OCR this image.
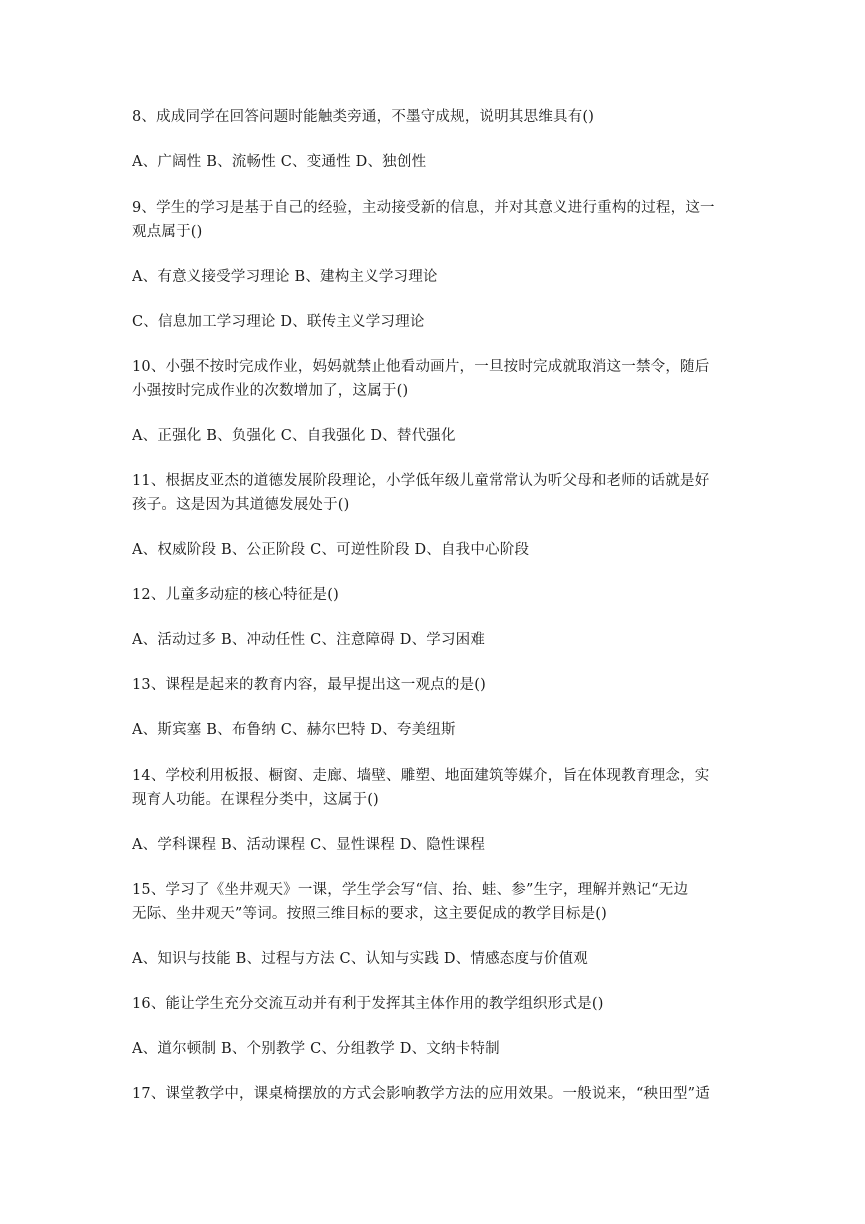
8、成成同学在回答问题时能触类旁通，不墨守成规，说明其思维具有()
A、广阔性 B、流畅性 C、变通性 D、独创性
9、学生的学习是基于自己的经验，主动接受新的信息，并对其意义进行重构的过程，这一
观点属于()
A、有意义接受学习理论 B、建构主义学习理论
C、信息加工学习理论 D、联传主义学习理论
10、小强不按时完成作业，妈妈就禁止他看动画片，一旦按时完成就取消这一禁令，随后
小强按时完成作业的次数增加了，这属于()
A、正强化 B、负强化 C、自我强化 D、替代强化
11、根据皮亚杰的道德发展阶段理论，小学低年级儿童常常认为听父母和老师的话就是好
孩子。这是因为其道德发展处于()
A、权威阶段 B、公正阶段 C、可逆性阶段 D、自我中心阶段
12、儿童多动症的核心特征是()
A、活动过多 B、冲动任性 C、注意障碍 D、学习困难
13、课程是起来的教育内容，最早提出这一观点的是()
A、斯宾塞 B、布鲁纳 C、赫尔巴特 D、夸美纽斯
14、学校利用板报、橱窗、走廊、墙壁、雕塑、地面建筑等媒介，旨在体现教育理念，实
现育人功能。在课程分类中，这属于()
A、学科课程 B、活动课程 C、显性课程 D、隐性课程
15、学习了《坐井观天》一课，学生学会写“信、抬、蛙、参”生字，理解并熟记“无边
无际、坐井观天”等词。按照三维目标的要求，这主要促成的教学目标是()
A、知识与技能 B、过程与方法 C、认知与实践 D、情感态度与价值观
16、能让学生充分交流互动并有利于发挥其主体作用的教学组织形式是()
A、道尔顿制 B、个别教学 C、分组教学 D、文纳卡特制
17、课堂教学中，课桌椅摆放的方式会影响教学方法的应用效果。一般说来，“秧田型”适
